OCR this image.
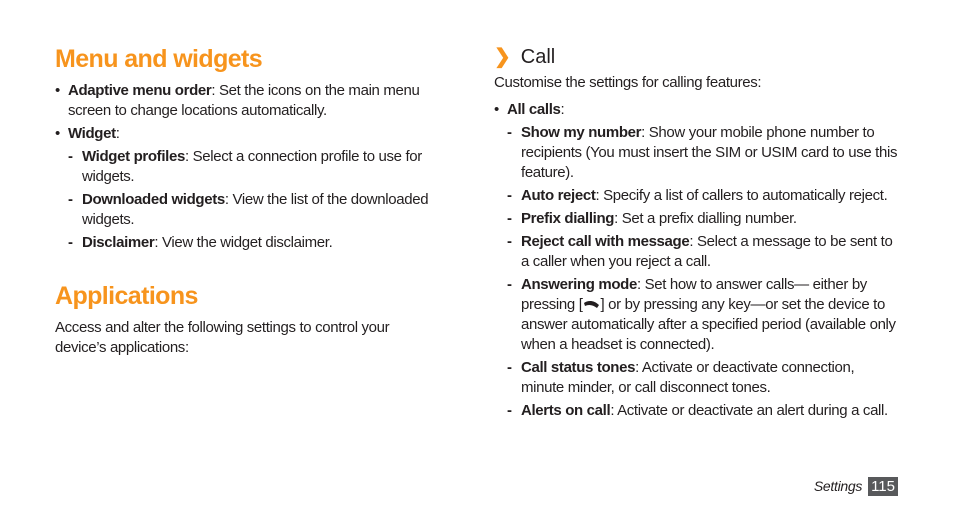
Menu and widgets
• Adaptive menu order: Set the icons on the main menu screen to change locations automatically.
• Widget:
- Widget profiles: Select a connection profile to use for widgets.
- Downloaded widgets: View the list of the downloaded widgets.
- Disclaimer: View the widget disclaimer.
Applications
Access and alter the following settings to control your device’s applications:
❯ Call
Customise the settings for calling features:
• All calls:
- Show my number: Show your mobile phone number to recipients (You must insert the SIM or USIM card to use this feature).
- Auto reject: Specify a list of callers to automatically reject.
- Prefix dialling: Set a prefix dialling number.
- Reject call with message: Select a message to be sent to a caller when you reject a call.
- Answering mode: Set how to answer calls— either by pressing [ ] or by pressing any key—or set the device to answer automatically after a specified period (available only when a headset is connected).
- Call status tones: Activate or deactivate connection, minute minder, or call disconnect tones.
- Alerts on call: Activate or deactivate an alert during a call.
Settings 115
